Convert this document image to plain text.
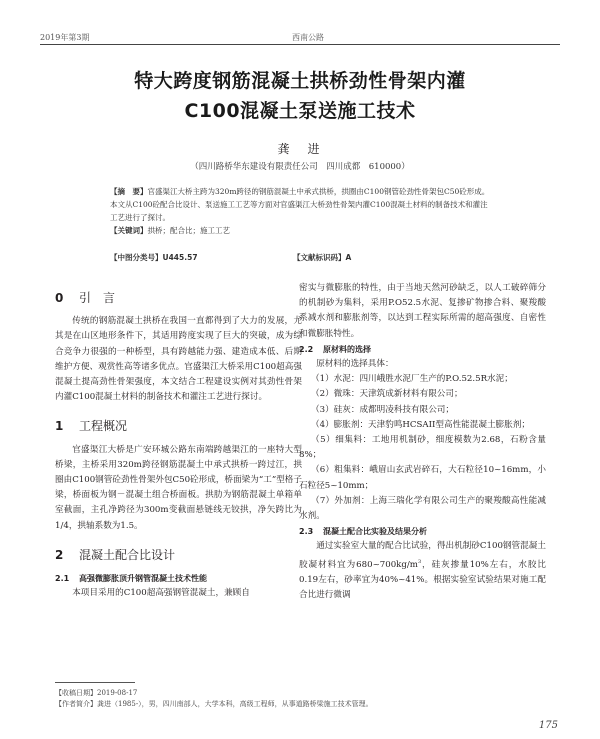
2019年第3期	西南公路
特大跨度钢筋混凝土拱桥劲性骨架内灌
C100混凝土泵送施工技术
龚　进
（四川路桥华东建设有限责任公司　四川成都　610000）
【摘　要】官盛渠江大桥主跨为320m跨径的钢筋混凝土中承式拱桥，拱圈由C100钢管砼劲性骨架包C50砼形成。本文从C100砼配合比设计、泵送施工工艺等方面对官盛渠江大桥劲性骨架内灌C100混凝土材料的制备技术和灌注工艺进行了探讨。
【关键词】拱桥；配合比；施工工艺
【中图分类号】U445.57	【文献标识码】A
0 引　言

传统的钢筋混凝土拱桥在我国一直都得到了大力的发展，尤其是在山区地形条件下，其适用跨度实现了巨大的突破，成为综合竞争力很强的一种桥型，具有跨越能力强、建造成本低、后期维护方便、观赏性高等诸多优点。官盛渠江大桥采用C100超高强混凝土提高劲性骨架强度，本文结合工程建设实例对其劲性骨架内灌C100混凝土材料的制备技术和灌注工艺进行探讨。

1 工程概况

官盛渠江大桥是广安环城公路东南端跨越渠江的一座特大型桥梁，主桥采用320m跨径钢筋混凝土中承式拱桥一跨过江，拱圈由C100钢管砼劲性骨架外包C50砼形成，桥面梁为“工”型格子梁，桥面板为钢－混凝土组合桥面板。拱肋为钢筋混凝土单箱单室截面，主孔净跨径为300m变截面悬链线无铰拱，净矢跨比为1/4，拱轴系数为1.5。

2 混凝土配合比设计
2.1 高强微膨胀顶升钢管混凝土技术性能

本项目采用的C100超高强钢管混凝土，兼顾自

密实与微膨胀的特性，由于当地天然河砂缺乏，以人工破碎筛分的机制砂为集料，采用P.O52.5水泥、复掺矿物掺合料、聚羧酸系减水剂和膨胀剂等，以达到工程实际所需的超高强度、自密性和微膨胀特性。

2.2 原材料的选择

原材料的选择具体：

（1）水泥：四川峨胜水泥厂生产的P.O.52.5R水泥；

（2）微珠：天津筑成新材料有限公司；

（3）硅灰：成都明凌科技有限公司；

（4）膨胀剂：天津豹鸣HCSAII型高性能混凝土膨胀剂；

（5）细集料：工地用机制砂，细度模数为2.68，石粉含量8%；

（6）粗集料：峨眉山玄武岩碎石，大石粒径10~16mm，小石粒径5~10mm；

（7）外加剂：上海三瑞化学有限公司生产的聚羧酸高性能减水剂。

2.3 混凝土配合比实验及结果分析

通过实验室大量的配合比试验，得出机制砂C100钢管混凝土胶凝材料宜为$680\sim 700kg/m^3$，硅灰掺量10%左右，水胶比0.19左右，砂率宜为40%~41%。根据实验室试验结果对施工配合比进行微调

【收稿日期】2019-08-17
【作者简介】龚进（1985-），男，四川南部人，大学本科，高级工程师，从事道路桥梁施工技术管理。
175
